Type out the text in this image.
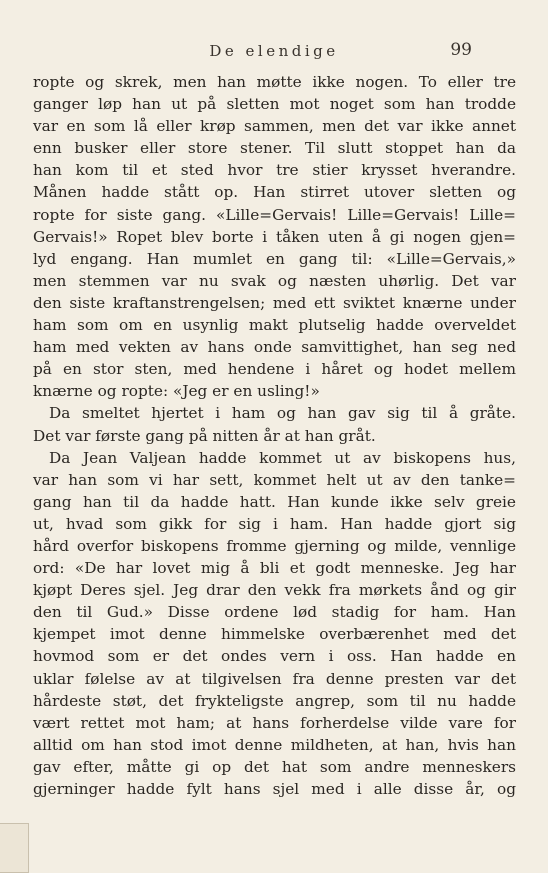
De elendige	99
ropte og skrek, men han møtte ikke nogen. To eller tre
ganger løp han ut på sletten mot noget som han trodde
var en som lå eller krøp sammen, men det var ikke annet
enn busker eller store stener. Til slutt stoppet han da
han kom til et sted hvor tre stier krysset hverandre.
Månen hadde stått op. Han stirret utover sletten og
ropte for siste gang. «Lille=Gervais! Lille=Gervais! Lille=
Gervais!» Ropet blev borte i tåken uten å gi nogen gjen=
lyd engang. Han mumlet en gang til: «Lille=Gervais,»
men stemmen var nu svak og næsten uhørlig. Det var
den siste kraftanstrengelsen; med ett sviktet knærne under
ham som om en usynlig makt plutselig hadde overveldet
ham med vekten av hans onde samvittighet, han seg ned
på en stor sten, med hendene i håret og hodet mellem
knærne og ropte: «Jeg er en usling!»
Da smeltet hjertet i ham og han gav sig til å gråte.
Det var første gang på nitten år at han gråt.
Da Jean Valjean hadde kommet ut av biskopens hus,
var han som vi har sett, kommet helt ut av den tanke=
gang han til da hadde hatt. Han kunde ikke selv greie
ut, hvad som gikk for sig i ham. Han hadde gjort sig
hård overfor biskopens fromme gjerning og milde, vennlige
ord: «De har lovet mig å bli et godt menneske. Jeg har
kjøpt Deres sjel. Jeg drar den vekk fra mørkets ånd og gir
den til Gud.» Disse ordene lød stadig for ham. Han
kjempet imot denne himmelske overbærenhet med det
hovmod som er det ondes vern i oss. Han hadde en
uklar følelse av at tilgivelsen fra denne presten var det
hårdeste støt, det frykteligste angrep, som til nu hadde
vært rettet mot ham; at hans forherdelse vilde vare for
alltid om han stod imot denne mildheten, at han, hvis han
gav efter, måtte gi op det hat som andre menneskers
gjerninger hadde fylt hans sjel med i alle disse år, og
